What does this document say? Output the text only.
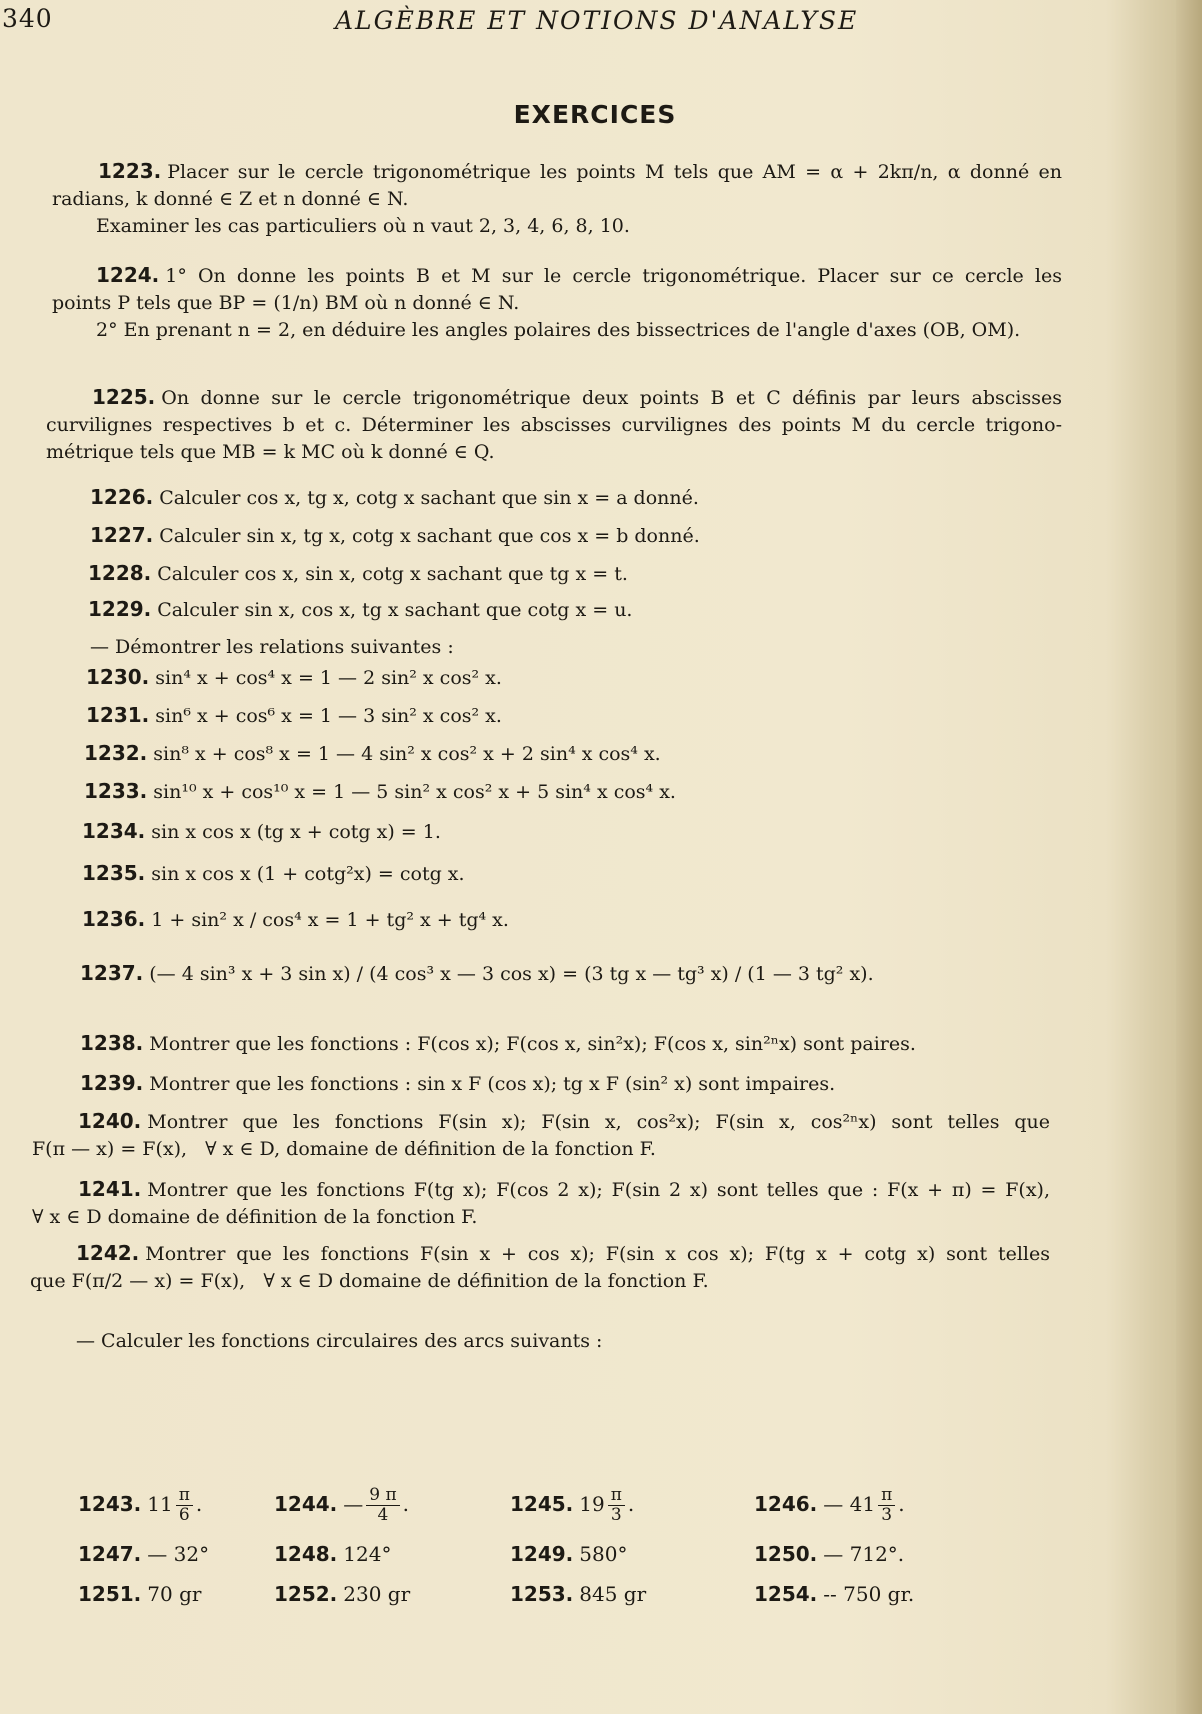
340	ALGÈBRE ET NOTIONS D'ANALYSE
EXERCICES
1223. Placer sur le cercle trigonométrique les points M tels que AM = α + 2kπ/n, α donné en
radians, k donné ∈ Z et n donné ∈ N.
Examiner les cas particuliers où n vaut 2, 3, 4, 6, 8, 10.
1224. 1° On donne les points B et M sur le cercle trigonométrique. Placer sur ce cercle les
points P tels que BP = (1/n) BM où n donné ∈ N.
2° En prenant n = 2, en déduire les angles polaires des bissectrices de l'angle d'axes (OB, OM).
1225. On donne sur le cercle trigonométrique deux points B et C définis par leurs abscisses
curvilignes respectives b et c. Déterminer les abscisses curvilignes des points M du cercle trigono-
métrique tels que MB = k MC où k donné ∈ Q.
1226. Calculer cos x, tg x, cotg x sachant que sin x = a donné.
1227. Calculer sin x, tg x, cotg x sachant que cos x = b donné.
1228. Calculer cos x, sin x, cotg x sachant que tg x = t.
1229. Calculer sin x, cos x, tg x sachant que cotg x = u.
— Démontrer les relations suivantes :
1230. sin⁴ x + cos⁴ x = 1 — 2 sin² x cos² x.
1231. sin⁶ x + cos⁶ x = 1 — 3 sin² x cos² x.
1232. sin⁸ x + cos⁸ x = 1 — 4 sin² x cos² x + 2 sin⁴ x cos⁴ x.
1233. sin¹⁰ x + cos¹⁰ x = 1 — 5 sin² x cos² x + 5 sin⁴ x cos⁴ x.
1234. sin x cos x (tg x + cotg x) = 1.
1235. sin x cos x (1 + cotg²x) = cotg x.
1236. 1 + sin² x / cos⁴ x = 1 + tg² x + tg⁴ x.
1237. (— 4 sin³ x + 3 sin x) / (4 cos³ x — 3 cos x) = (3 tg x — tg³ x) / (1 — 3 tg² x).
1238. Montrer que les fonctions : F(cos x); F(cos x, sin²x); F(cos x, sin²ⁿx) sont paires.
1239. Montrer que les fonctions : sin x F (cos x); tg x F (sin² x) sont impaires.
1240. Montrer que les fonctions F(sin x); F(sin x, cos²x); F(sin x, cos²ⁿx) sont telles que
F(π — x) = F(x),   ∀ x ∈ D, domaine de définition de la fonction F.
1241. Montrer que les fonctions F(tg x); F(cos 2 x); F(sin 2 x) sont telles que : F(x + π) = F(x),
∀ x ∈ D domaine de définition de la fonction F.
1242. Montrer que les fonctions F(sin x + cos x); F(sin x cos x); F(tg x + cotg x) sont telles
que F(π/2 — x) = F(x),   ∀ x ∈ D domaine de définition de la fonction F.
— Calculer les fonctions circulaires des arcs suivants :
1243. $11 \frac{\pi}{6}$ .	1244. — $\frac{9 \pi}{4}$ .	1245. $19 \frac{\pi}{3}$ .	1246. — $41 \frac{\pi}{3}$ .
1247. — 32°	1248. 124°	1249. 580°	1250. — 712°.
1251. 70 gr	1252. 230 gr	1253. 845 gr	1254. -- 750 gr.
